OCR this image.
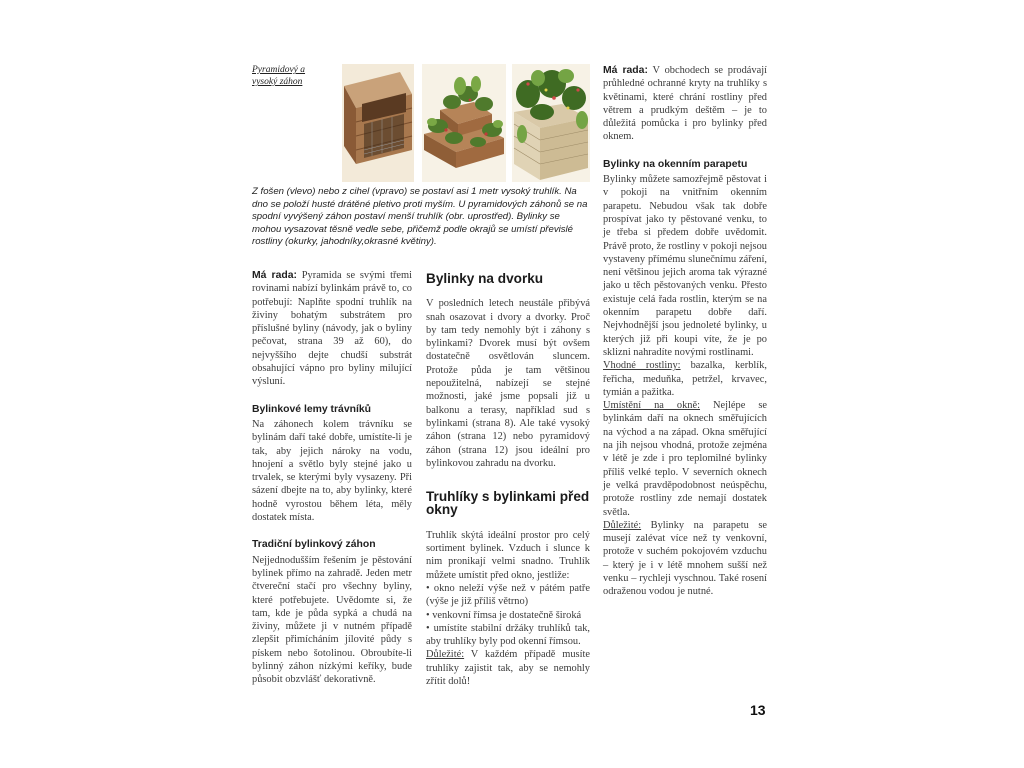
Pyramidový a vysoký záhon
Z fošen (vlevo) nebo z cihel (vpravo) se postaví asi 1 metr vysoký truhlík. Na dno se položí husté drátěné pletivo proti myším. U pyramidových záhonů se na spodní vyvýšený záhon postaví menší truhlík (obr. uprostřed). Bylinky se mohou vysazovat těsně vedle sebe, přičemž podle okrajů se umístí převislé rostliny (okurky, jahodníky,okrasné květiny).

Má rada: Pyramida se svými třemi rovinami nabízí bylinkám právě to, co potřebují: Naplňte spodní truhlík na živiny bohatým substrátem pro příslušné byliny (návody, jak o byliny pečovat, strana 39 až 60), do nejvyššího dejte chudší substrát obsahující vápno pro byliny milující výsluní.

Bylinkové lemy trávníků

Na záhonech kolem trávníku se bylinám daří také dobře, umístíte-li je tak, aby jejich nároky na vodu, hnojení a světlo byly stejné jako u trvalek, se kterými byly vysazeny. Při sázení dbejte na to, aby bylinky, které hodně vyrostou během léta, měly dostatek místa.

Tradiční bylinkový záhon

Nejjednodušším řešením je pěstování bylinek přímo na zahradě. Jeden metr čtvereční stačí pro všechny byliny, které potřebujete. Uvědomte si, že tam, kde je půda sypká a chudá na živiny, můžete ji v nutném případě zlepšit přimícháním jílovité půdy s pískem nebo šotolinou. Obroubíte-li bylinný záhon nízkými keříky, bude působit obzvlášť dekorativně.

Bylinky na dvorku

V posledních letech neustále přibývá snah osazovat i dvory a dvorky. Proč by tam tedy nemohly být i záhony s bylinkami? Dvorek musí být ovšem dostatečně osvětlován sluncem. Protože půda je tam většinou nepoužitelná, nabízejí se stejné možnosti, jaké jsme popsali již u balkonu a terasy, například sud s bylinkami (strana 8). Ale také vysoký záhon (strana 12) nebo pyramidový záhon (strana 12) jsou ideální pro bylinkovou zahradu na dvorku.

Truhlíky s bylinkami před okny

Truhlík skýtá ideální prostor pro celý sortiment bylinek. Vzduch i slunce k nim pronikají velmi snadno. Truhlík můžete umístit před okno, jestliže:

• okno neleží výše než v pátém patře (výše je již příliš větrno)

• venkovní římsa je dostatečně široká

• umístíte stabilní držáky truhlíků tak, aby truhlíky byly pod okenní římsou.

Důležité: V každém případě musíte truhlíky zajistit tak, aby se nemohly zřítit dolů!

Má rada: V obchodech se prodávají průhledné ochranné kryty na truhlíky s květinami, které chrání rostliny před větrem a prudkým deštěm – je to důležitá pomůcka i pro bylinky před oknem.

Bylinky na okenním parapetu

Bylinky můžete samozřejmě pěstovat i v pokoji na vnitřním okenním parapetu. Nebudou však tak dobře prospívat jako ty pěstované venku, to je třeba si předem dobře uvědomit. Právě proto, že rostliny v pokoji nejsou vystaveny přímému slunečnímu záření, není většinou jejich aroma tak výrazné jako u těch pěstovaných venku. Přesto existuje celá řada rostlin, kterým se na okenním parapetu dobře daří. Nejvhodnější jsou jednoleté bylinky, u kterých již při koupi víte, že je po sklizni nahradíte novými rostlinami.

Vhodné rostliny: bazalka, kerblík, řeřicha, meduňka, petržel, krvavec, tymián a pažitka.

Umístění na okně: Nejlépe se bylinkám daří na oknech směřujících na východ a na západ. Okna směřující na jih nejsou vhodná, protože zejména v létě je zde i pro teplomilné bylinky příliš velké teplo. V severních oknech je velká pravděpodobnost neúspěchu, protože rostliny zde nemají dostatek světla.

Důležité: Bylinky na parapetu se musejí zalévat více než ty venkovní, protože v suchém pokojovém vzduchu – který je i v létě mnohem sušší než venku – rychleji vyschnou. Také rosení odraženou vodou je nutné.

13
